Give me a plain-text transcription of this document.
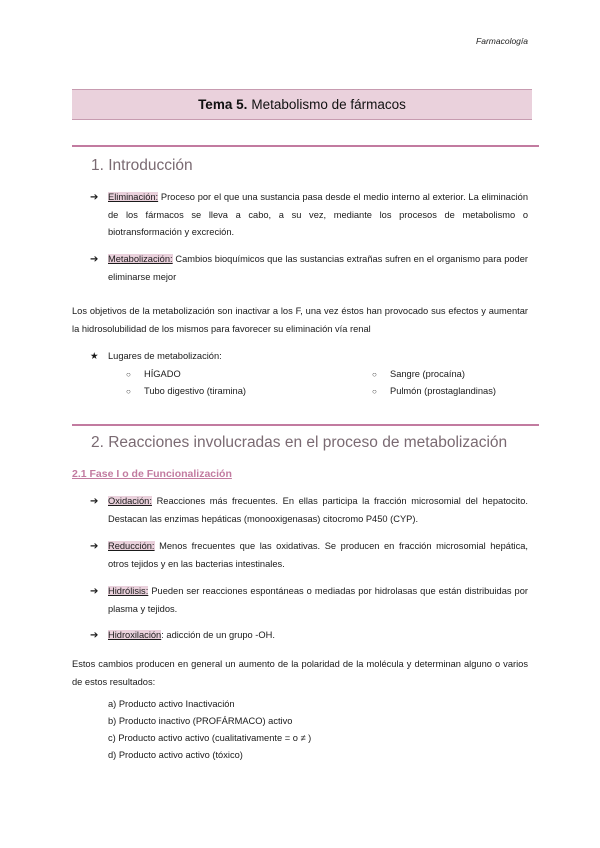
Farmacología
Tema 5. Metabolismo de fármacos
1. Introducción
➔ Eliminación: Proceso por el que una sustancia pasa desde el medio interno al exterior. La eliminación de los fármacos se lleva a cabo, a su vez, mediante los procesos de metabolismo o biotransformación y excreción.
➔ Metabolización: Cambios bioquímicos que las sustancias extrañas sufren en el organismo para poder eliminarse mejor
Los objetivos de la metabolización son inactivar a los F, una vez éstos han provocado sus efectos y aumentar la hidrosolubilidad de los mismos para favorecer su eliminación vía renal
★ Lugares de metabolización:
○ HÍGADO
○ Tubo digestivo (tiramina)
○ Sangre (procaína)
○ Pulmón (prostaglandinas)
2. Reacciones involucradas en el proceso de metabolización
2.1 Fase I o de Funcionalización
➔ Oxidación: Reacciones más frecuentes. En ellas participa la fracción microsomial del hepatocito. Destacan las enzimas hepáticas (monooxigenasas) citocromo P450 (CYP).
➔ Reducción: Menos frecuentes que las oxidativas. Se producen en fracción microsomial hepática, otros tejidos y en las bacterias intestinales.
➔ Hidrólisis: Pueden ser reacciones espontáneas o mediadas por hidrolasas que están distribuidas por plasma y tejidos.
➔ Hidroxilación: adicción de un grupo -OH.
Estos cambios producen en general un aumento de la polaridad de la molécula y determinan alguno o varios de estos resultados:
a) Producto activo Inactivación
b) Producto inactivo (PROFÁRMACO) activo
c) Producto activo activo (cualitativamente = o ≠ )
d) Producto activo activo (tóxico)
